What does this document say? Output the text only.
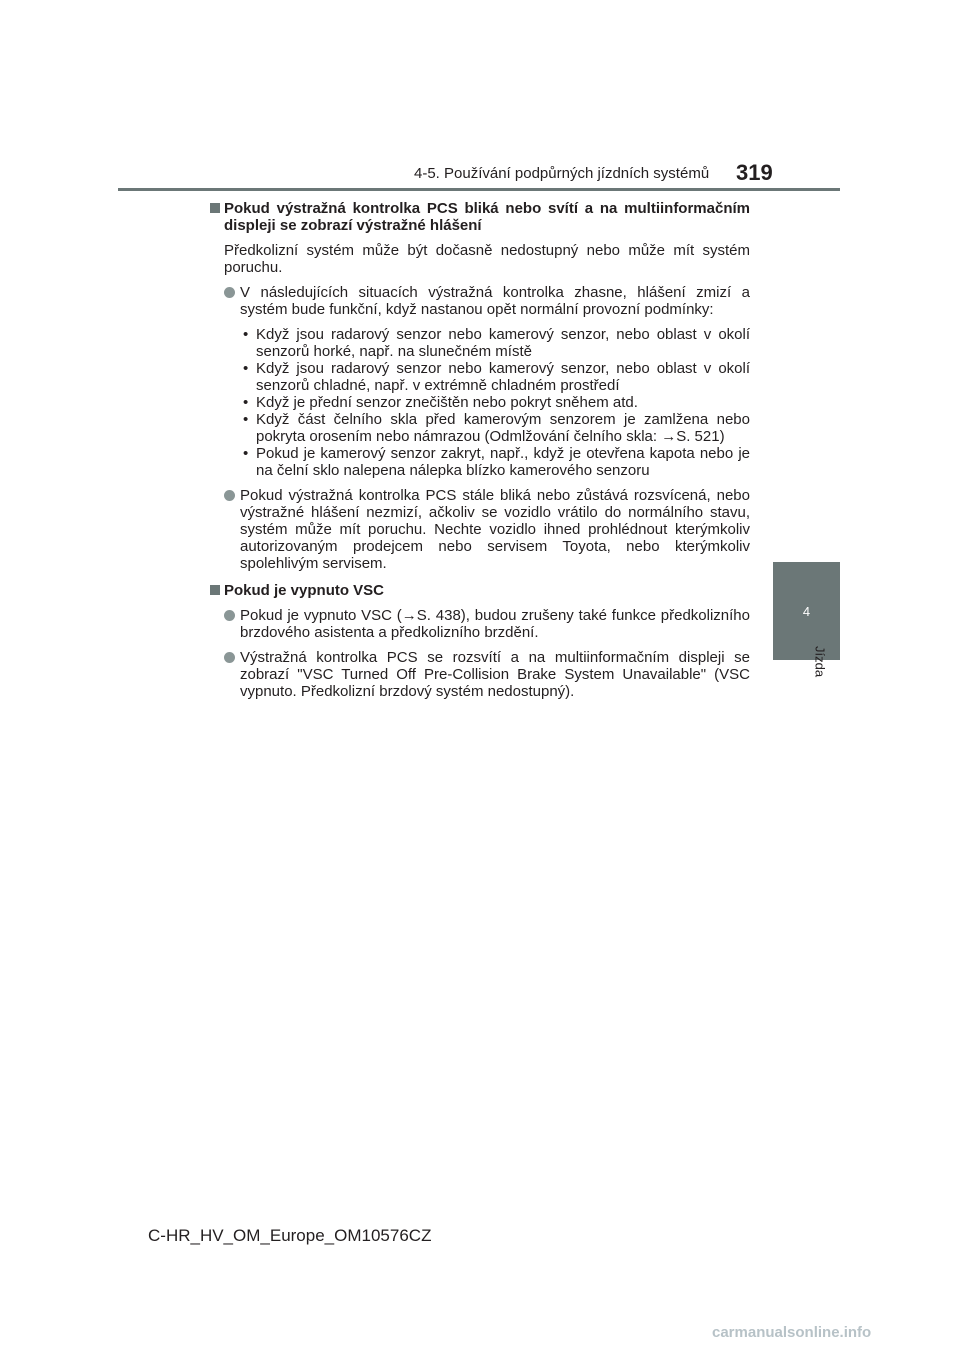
4-5. Používání podpůrných jízdních systémů 319
4
Jízda
Pokud výstražná kontrolka PCS bliká nebo svítí a na multiinformačním displeji se zobrazí výstražné hlášení
Předkolizní systém může být dočasně nedostupný nebo může mít systém poruchu.
V následujících situacích výstražná kontrolka zhasne, hlášení zmizí a systém bude funkční, když nastanou opět normální provozní podmínky:
• Když jsou radarový senzor nebo kamerový senzor, nebo oblast v okolí senzorů horké, např. na slunečném místě
• Když jsou radarový senzor nebo kamerový senzor, nebo oblast v okolí senzorů chladné, např. v extrémně chladném prostředí
• Když je přední senzor znečištěn nebo pokryt sněhem atd.
• Když část čelního skla před kamerovým senzorem je zamlžena nebo pokryta orosením nebo námrazou (Odmlžování čelního skla: →S. 521)
• Pokud je kamerový senzor zakryt, např., když je otevřena kapota nebo je na čelní sklo nalepena nálepka blízko kamerového senzoru
Pokud výstražná kontrolka PCS stále bliká nebo zůstává rozsvícená, nebo výstražné hlášení nezmizí, ačkoliv se vozidlo vrátilo do normálního stavu, systém může mít poruchu. Nechte vozidlo ihned prohlédnout kterýmkoliv autorizovaným prodejcem nebo servisem Toyota, nebo kterýmkoliv spolehlivým servisem.
Pokud je vypnuto VSC
Pokud je vypnuto VSC (→S. 438), budou zrušeny také funkce předkolizního brzdového asistenta a předkolizního brzdění.
Výstražná kontrolka PCS se rozsvítí a na multiinformačním displeji se zobrazí "VSC Turned Off Pre-Collision Brake System Unavailable" (VSC vypnuto. Předkolizní brzdový systém nedostupný).
C-HR_HV_OM_Europe_OM10576CZ
carmanualsonline.info
